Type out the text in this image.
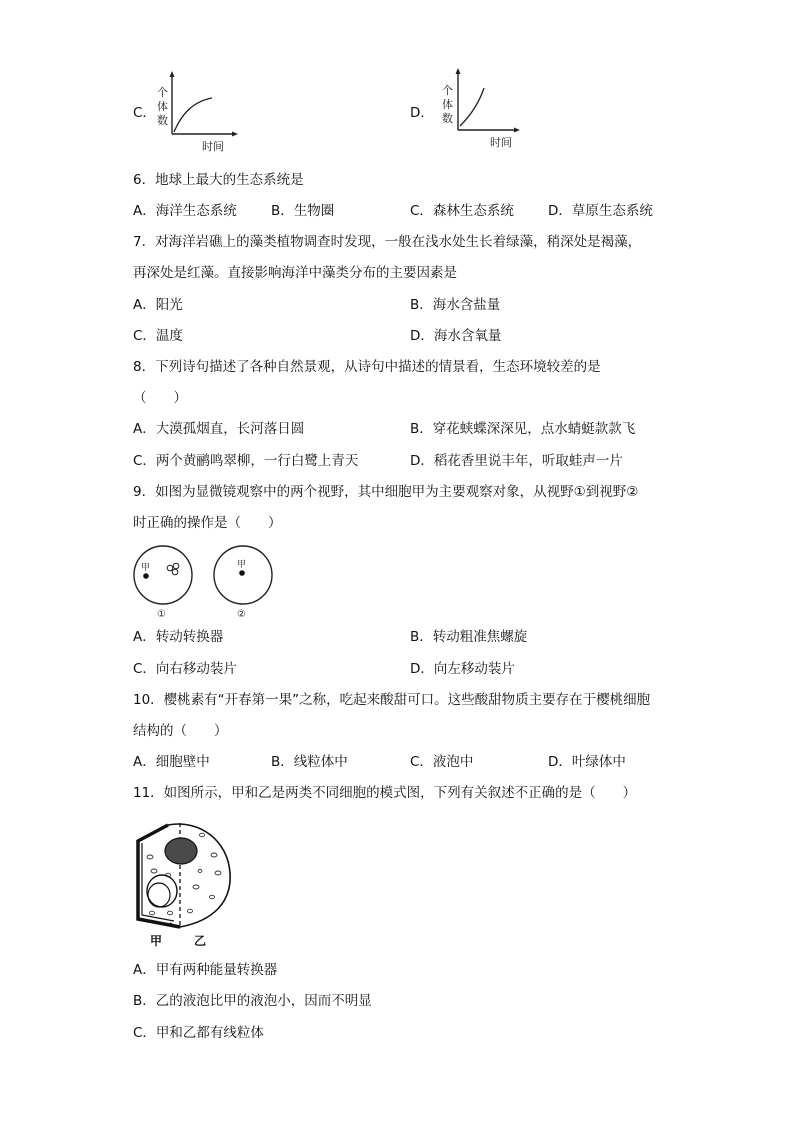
C．
个
体
数
时间
D．
个
体
数
时间
6．地球上最大的生态系统是
A．海洋生态系统	B．生物圈	C．森林生态系统	D．草原生态系统
7．对海洋岩礁上的藻类植物调查时发现，一般在浅水处生长着绿藻，稍深处是褐藻，
再深处是红藻。直接影响海洋中藻类分布的主要因素是
A．阳光	B．海水含盐量
C．温度	D．海水含氧量
8．下列诗句描述了各种自然景观，从诗句中描述的情景看，生态环境较差的是
（　　）
A．大漠孤烟直，长河落日圆	B．穿花蛱蝶深深见，点水蜻蜓款款飞
C．两个黄鹂鸣翠柳，一行白鹭上青天	D．稻花香里说丰年，听取蛙声一片
9．如图为显微镜观察中的两个视野，其中细胞甲为主要观察对象，从视野①到视野②
时正确的操作是（　　）
甲
①
甲
②
A．转动转换器	B．转动粗准焦螺旋
C．向右移动装片	D．向左移动装片
10．樱桃素有“开春第一果”之称，吃起来酸甜可口。这些酸甜物质主要存在于樱桃细胞
结构的（　　）
A．细胞壁中	B．线粒体中	C．液泡中	D．叶绿体中
11．如图所示，甲和乙是两类不同细胞的模式图，下列有关叙述不正确的是（　　）
甲	乙
A．甲有两种能量转换器
B．乙的液泡比甲的液泡小，因而不明显
C．甲和乙都有线粒体
